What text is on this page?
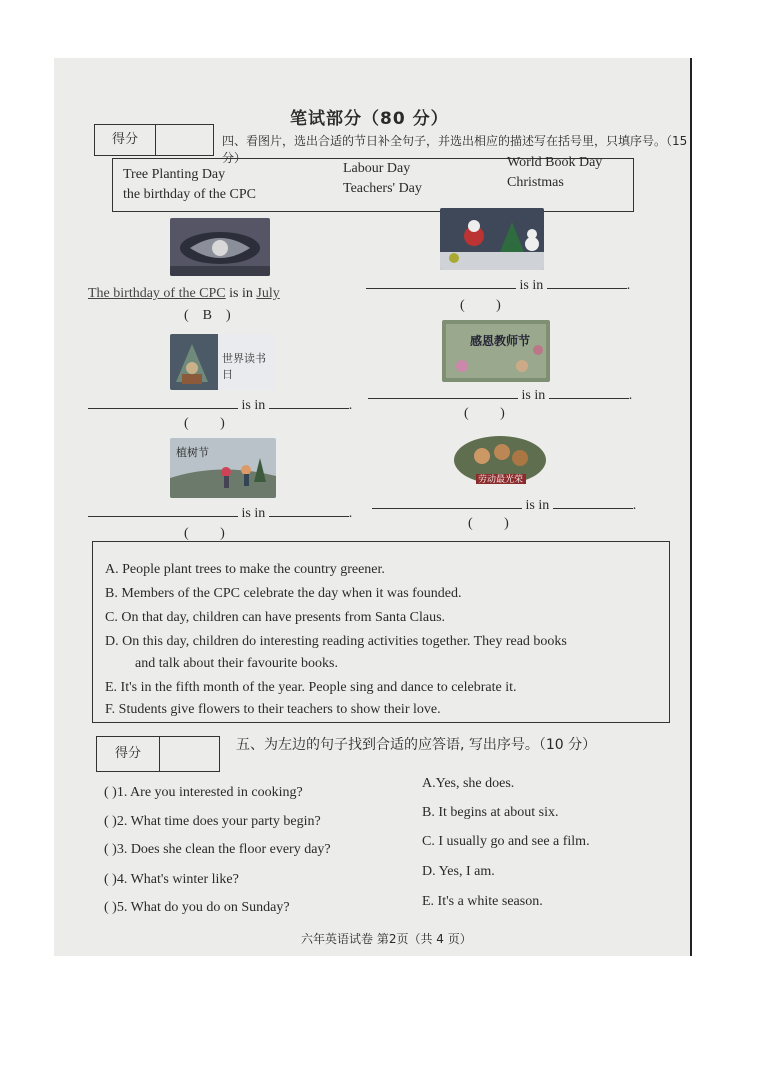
笔试部分（80 分）
得分	四、看图片，选出合适的节日补全句子，并选出相应的描述写在括号里，只填序号。（15 分）
Tree Planting Day
the birthday of the CPC
Labour Day
Teachers' Day
World Book Day
Christmas
The birthday of the CPC is in July
( B )
is in	.
( )
世界读书日
感恩教师节
is in	.
( )
is in	.
( )
植树节
劳动最光荣
is in	.
( )
is in	.
( )
A. People plant trees to make the country greener.
B. Members of the CPC celebrate the day when it was founded.
C. On that day, children can have presents from Santa Claus.
D. On this day, children do interesting reading activities together. They read books
and talk about their favourite books.
E. It's in the fifth month of the year. People sing and dance to celebrate it.
F. Students give flowers to their teachers to show their love.
得分
五、为左边的句子找到合适的应答语, 写出序号。（10 分）
( )1. Are you interested in cooking?
( )2. What time does your party begin?
( )3. Does she clean the floor every day?
( )4. What's winter like?
( )5. What do you do on Sunday?
A.Yes, she does.
B. It begins at about six.
C. I usually go and see a film.
D. Yes, I am.
E. It's a white season.
六年英语试卷 第2页（共 4 页）
